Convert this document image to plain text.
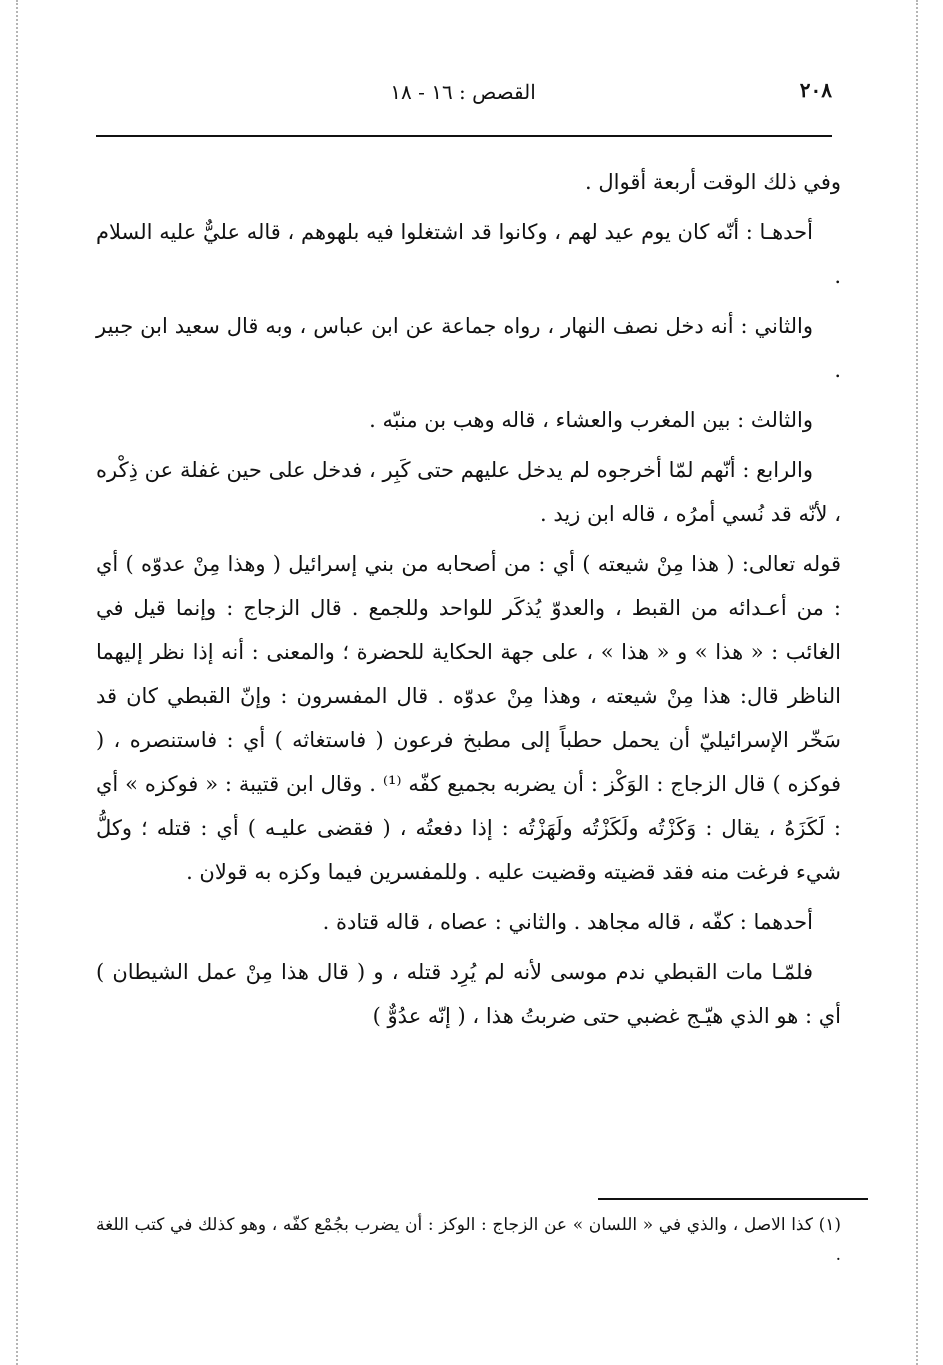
٢٠٨
القصص : ١٦ - ١٨

وفي ذلك الوقت أربعة أقوال .

أحدهـا : أنّه كان يوم عيد لهم ، وكانوا قد اشتغلوا فيه بلهوهم ، قاله عليٌّ عليه السلام .

والثاني : أنه دخل نصف النهار ، رواه جماعة عن ابن عباس ، وبه قال سعيد ابن جبير .

والثالث : بين المغرب والعشاء ، قاله وهب بن منبّه .

والرابع : أنّهم لمّا أخرجوه لم يدخل عليهم حتى كَبِر ، فدخل على حين غفلة عن ذِكْره ، لأنّه قد نُسي أمرُه ، قاله ابن زيد .

قوله تعالى: ( هذا مِنْ شيعته ) أي : من أصحابه من بني إسرائيل ( وهذا مِنْ عدوّه ) أي : من أعـدائه من القبط ، والعدوّ يُذكَر للواحد وللجمع . قال الزجاج : وإنما قيل في الغائب : « هذا » و « هذا » ، على جهة الحكاية للحضرة ؛ والمعنى : أنه إذا نظر إليهما الناظر قال: هذا مِنْ شيعته ، وهذا مِنْ عدوّه . قال المفسرون : وإنّ القبطي كان قد سَخّر الإسرائيليّ أن يحمل حطباً إلى مطبخ فرعون ( فاستغاثه ) أي : فاستنصره ، ( فوكزه ) قال الزجاج : الوَكْز : أن يضربه بجميع كفّه ⁽¹⁾ . وقال ابن قتيبة : « فوكزه » أي : لَكَزَهُ ، يقال : وَكَزْتُه ولَكَزْتُه ولَهَزْتُه : إذا دفعتُه ، ( فقضى عليـه ) أي : قتله ؛ وكلُّ شيء فرغت منه فقد قضيته وقضيت عليه . وللمفسرين فيما وكزه به قولان .

أحدهما : كفّه ، قاله مجاهد . والثاني : عصاه ، قاله قتادة .

فلمّـا مات القبطي ندم موسى لأنه لم يُرِد قتله ، و ( قال هذا مِنْ عمل الشيطان ) أي : هو الذي هيّـج غضبي حتى ضربتُ هذا ، ( إنّه عدُوٌّ )

(١) كذا الاصل ، والذي في « اللسان » عن الزجاج : الوكز : أن يضرب بجُمْع كفّه ، وهو كذلك في كتب اللغة .
